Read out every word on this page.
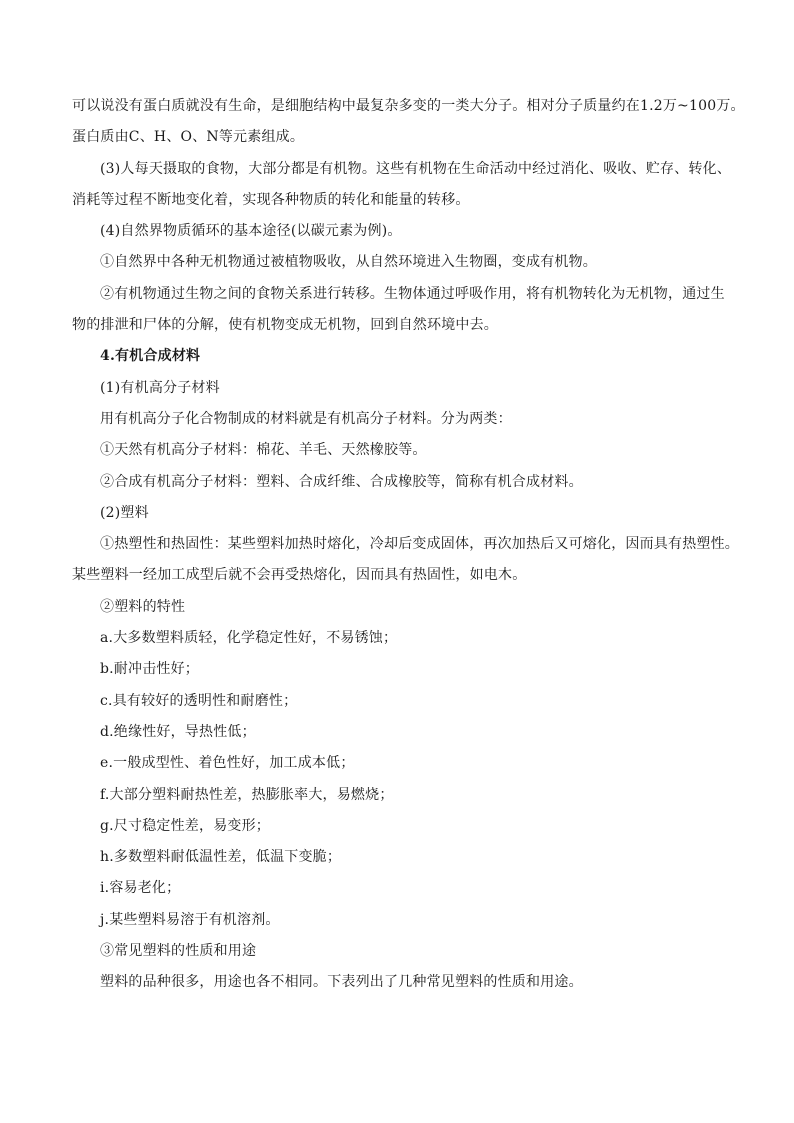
可以说没有蛋白质就没有生命，是细胞结构中最复杂多变的一类大分子。相对分子质量约在1.2万~100万。
蛋白质由C、H、O、N等元素组成。
(3)人每天摄取的食物，大部分都是有机物。这些有机物在生命活动中经过消化、吸收、贮存、转化、
消耗等过程不断地变化着，实现各种物质的转化和能量的转移。
(4)自然界物质循环的基本途径(以碳元素为例)。
①自然界中各种无机物通过被植物吸收，从自然环境进入生物圈，变成有机物。
②有机物通过生物之间的食物关系进行转移。生物体通过呼吸作用，将有机物转化为无机物，通过生
物的排泄和尸体的分解，使有机物变成无机物，回到自然环境中去。
4.有机合成材料
(1)有机高分子材料
用有机高分子化合物制成的材料就是有机高分子材料。分为两类：
①天然有机高分子材料：棉花、羊毛、天然橡胶等。
②合成有机高分子材料：塑料、合成纤维、合成橡胶等，简称有机合成材料。
(2)塑料
①热塑性和热固性：某些塑料加热时熔化，冷却后变成固体，再次加热后又可熔化，因而具有热塑性。
某些塑料一经加工成型后就不会再受热熔化，因而具有热固性，如电木。
②塑料的特性
a.大多数塑料质轻，化学稳定性好，不易锈蚀；
b.耐冲击性好；
c.具有较好的透明性和耐磨性；
d.绝缘性好，导热性低；
e.一般成型性、着色性好，加工成本低；
f.大部分塑料耐热性差，热膨胀率大，易燃烧；
g.尺寸稳定性差，易变形；
h.多数塑料耐低温性差，低温下变脆；
i.容易老化；
j.某些塑料易溶于有机溶剂。
③常见塑料的性质和用途
塑料的品种很多，用途也各不相同。下表列出了几种常见塑料的性质和用途。
